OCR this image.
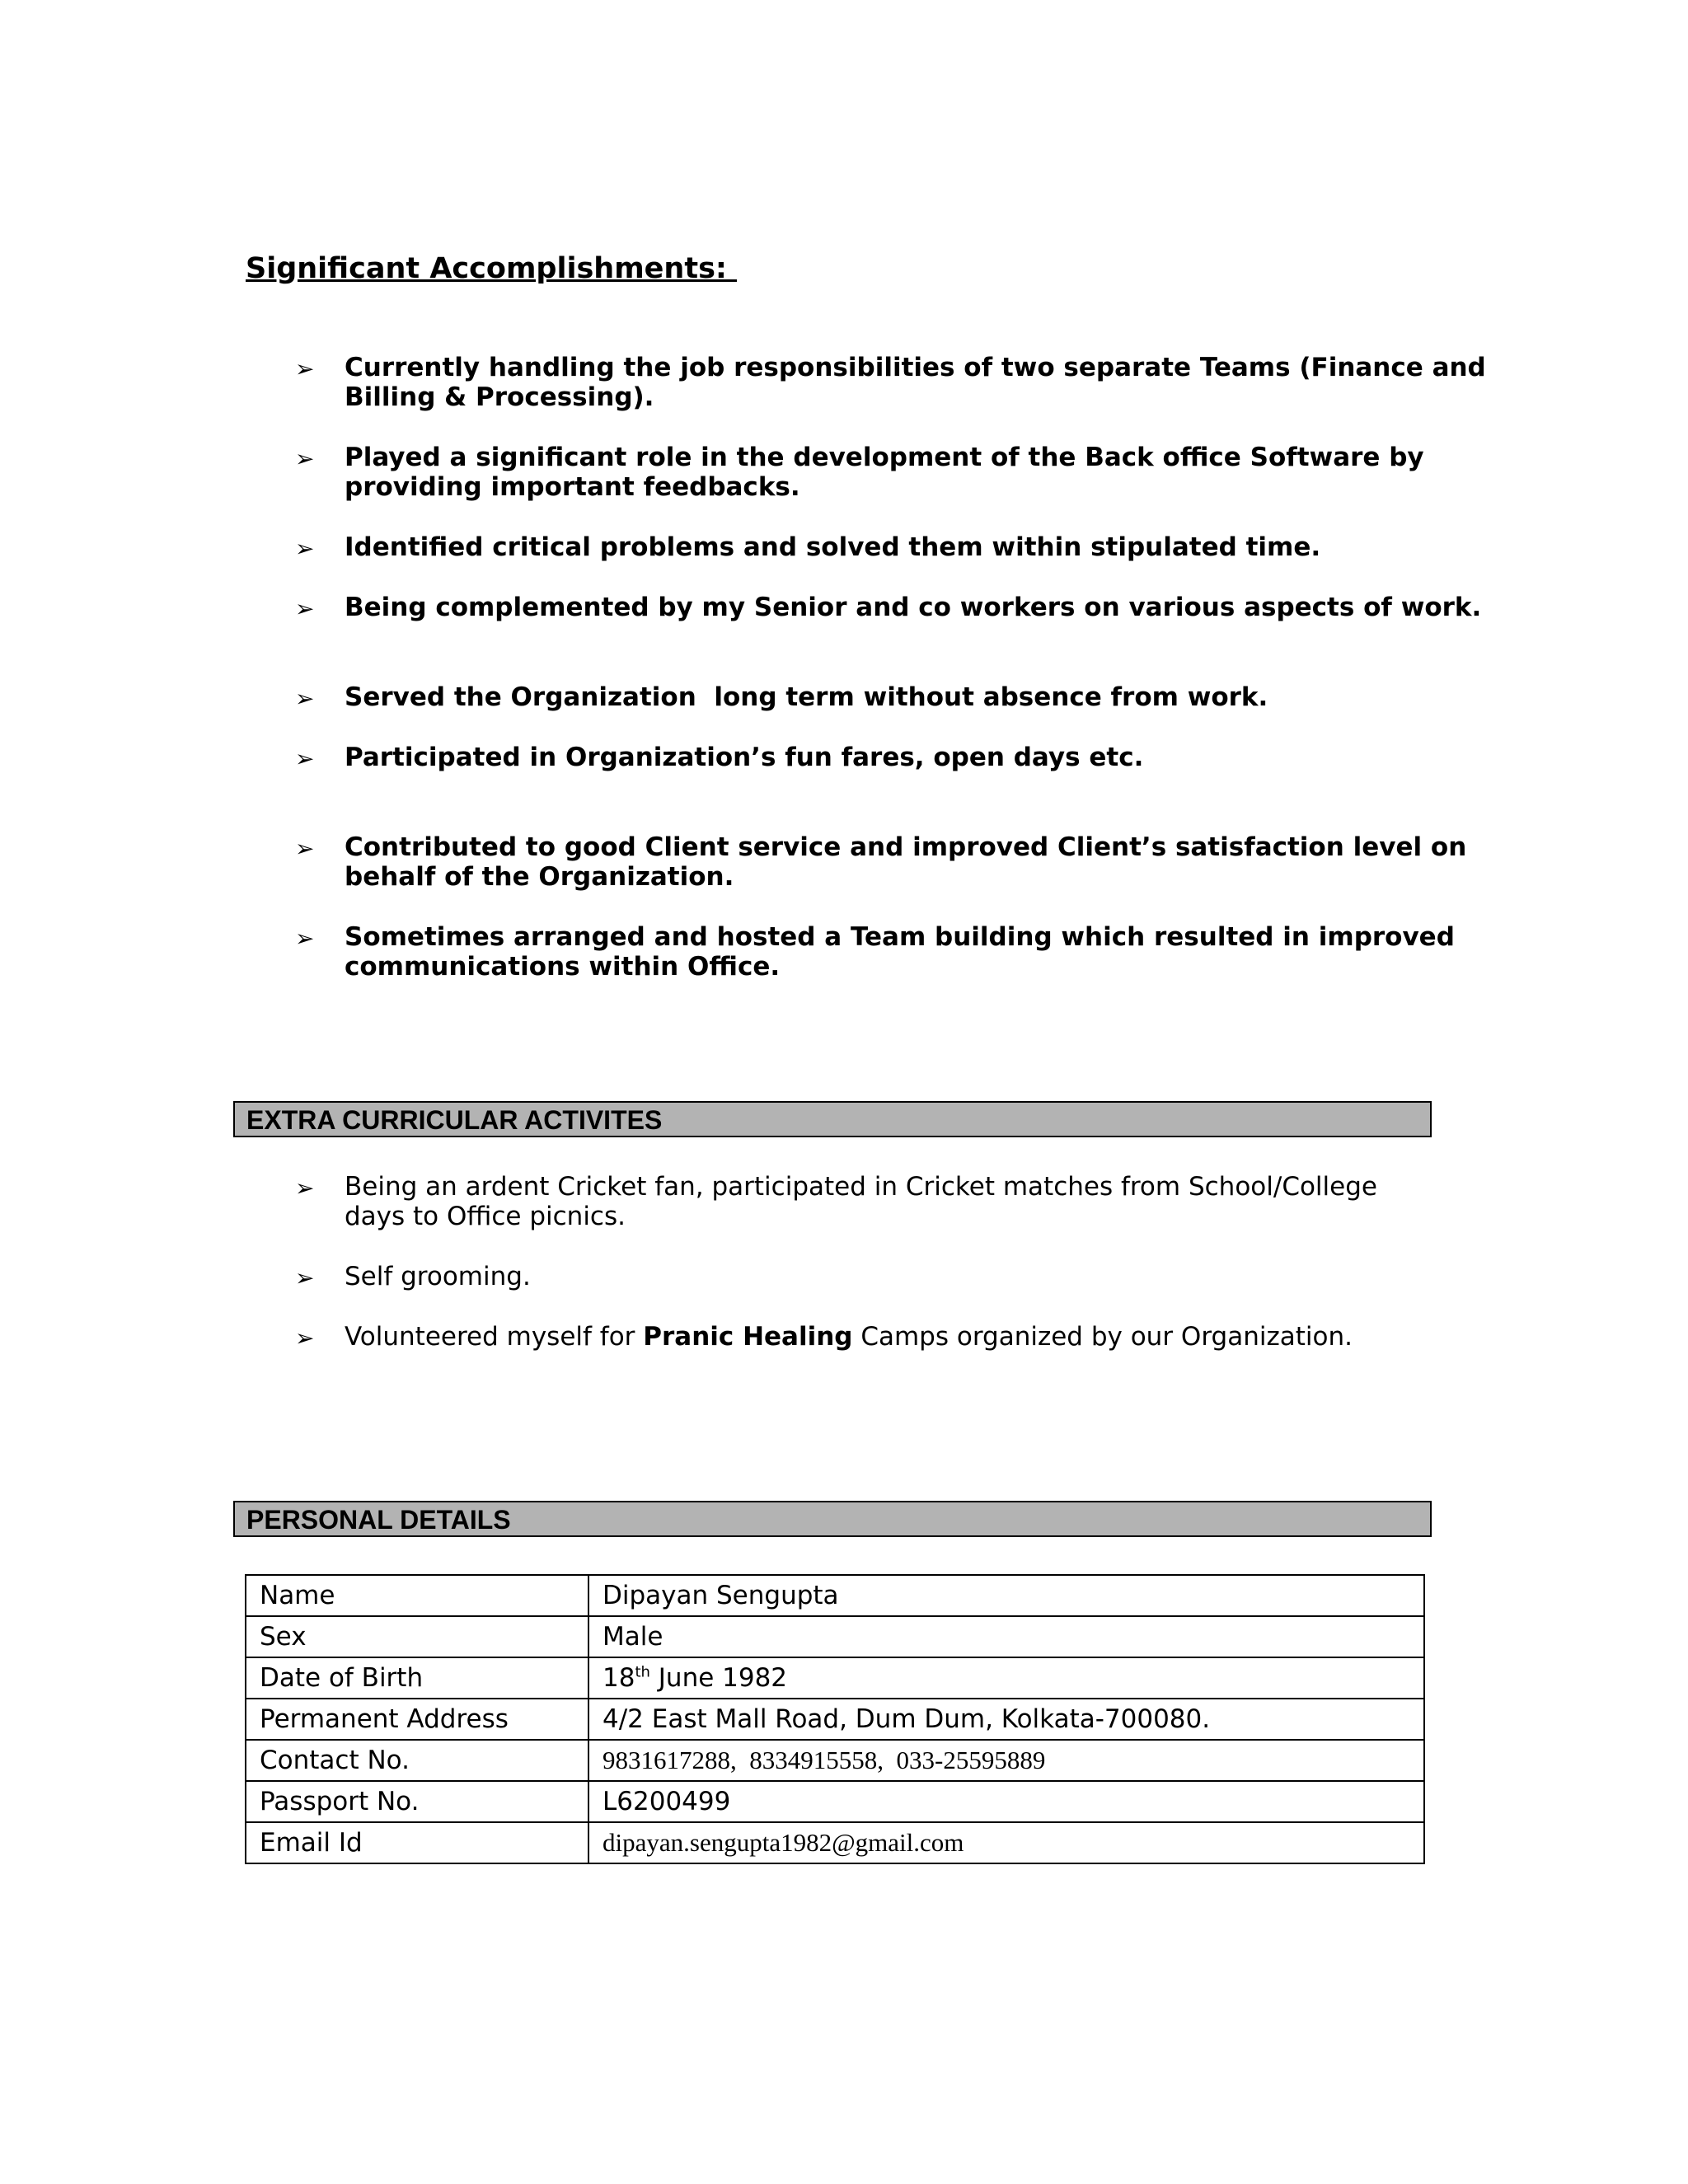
Significant Accomplishments:
➢ Currently handling the job responsibilities of two separate Teams (Finance and Billing & Processing).
➢ Played a significant role in the development of the Back office Software by providing important feedbacks.
➢ Identified critical problems and solved them within stipulated time.
➢ Being complemented by my Senior and co workers on various aspects of work.
➢ Served the Organization  long term without absence from work.
➢ Participated in Organization’s fun fares, open days etc.
➢ Contributed to good Client service and improved Client’s satisfaction level on behalf of the Organization.
➢ Sometimes arranged and hosted a Team building which resulted in improved communications within Office.
EXTRA CURRICULAR ACTIVITES
➢ Being an ardent Cricket fan, participated in Cricket matches from School/College days to Office picnics.
➢ Self grooming.
➢ Volunteered myself for Pranic Healing Camps organized by our Organization.
PERSONAL DETAILS
Name	Dipayan Sengupta
Sex	Male
Date of Birth	18th June 1982
Permanent Address	4/2 East Mall Road, Dum Dum, Kolkata-700080.
Contact No.	9831617288,  8334915558,  033-25595889
Passport No.	L6200499
Email Id	dipayan.sengupta1982@gmail.com
